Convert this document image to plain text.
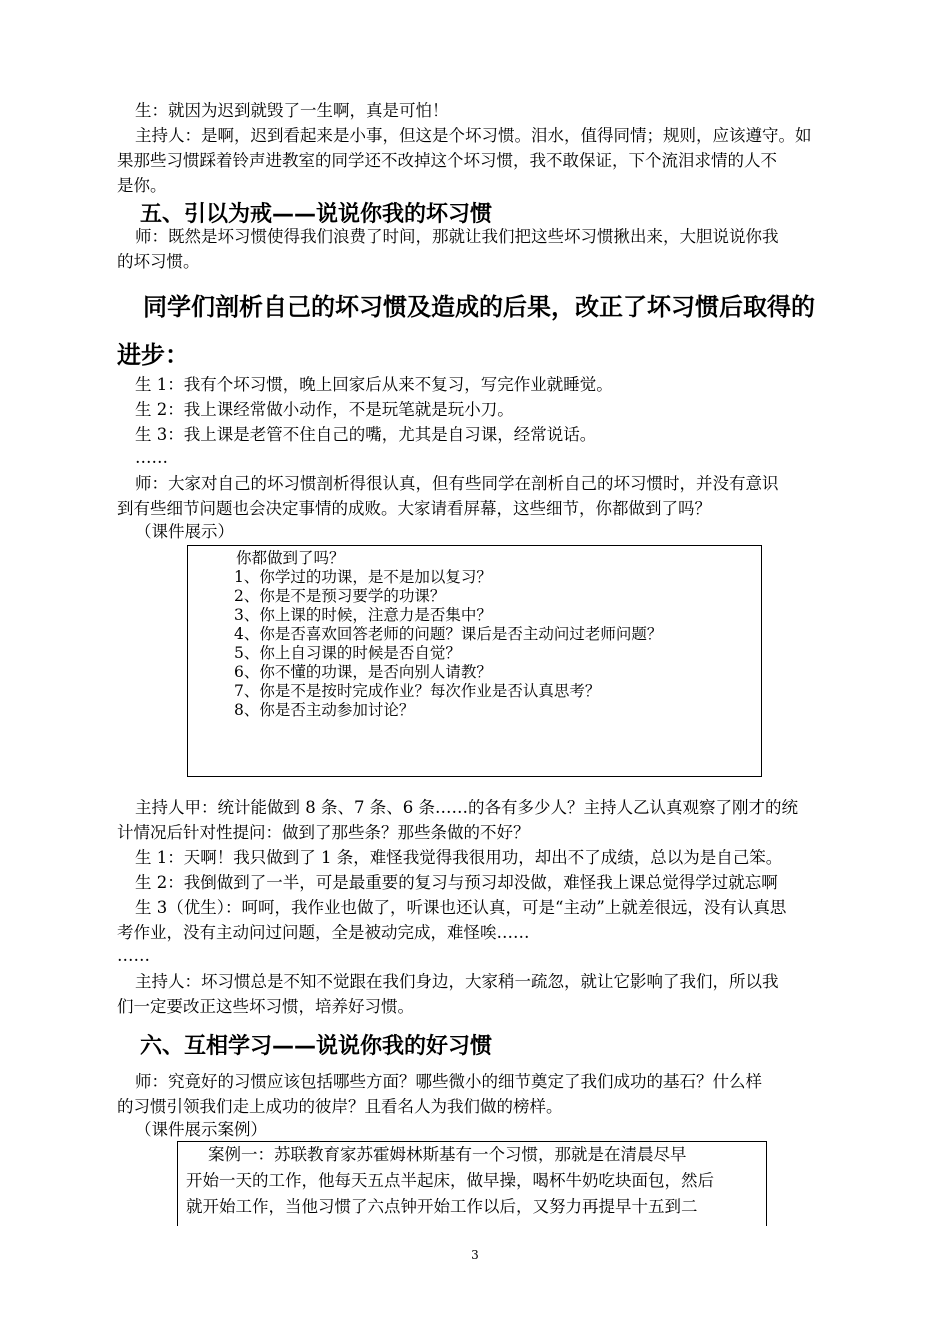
生：就因为迟到就毁了一生啊，真是可怕！
主持人：是啊，迟到看起来是小事，但这是个坏习惯。泪水，值得同情；规则，应该遵守。如
果那些习惯踩着铃声进教室的同学还不改掉这个坏习惯，我不敢保证，下个流泪求情的人不
是你。
五、引以为戒——说说你我的坏习惯
师：既然是坏习惯使得我们浪费了时间，那就让我们把这些坏习惯揪出来，大胆说说你我
的坏习惯。
同学们剖析自己的坏习惯及造成的后果，改正了坏习惯后取得的
进步：
生 1：我有个坏习惯，晚上回家后从来不复习，写完作业就睡觉。
生 2：我上课经常做小动作，不是玩笔就是玩小刀。
生 3：我上课是老管不住自己的嘴，尤其是自习课，经常说话。
……
师：大家对自己的坏习惯剖析得很认真，但有些同学在剖析自己的坏习惯时，并没有意识
到有些细节问题也会决定事情的成败。大家请看屏幕，这些细节，你都做到了吗？
（课件展示）
你都做到了吗？
1、你学过的功课，是不是加以复习？
2、你是不是预习要学的功课？
3、你上课的时候，注意力是否集中？
4、你是否喜欢回答老师的问题？课后是否主动问过老师问题？
5、你上自习课的时候是否自觉？
6、你不懂的功课，是否向别人请教？
7、你是不是按时完成作业？每次作业是否认真思考？
8、你是否主动参加讨论？
主持人甲：统计能做到 8 条、7 条、6 条……的各有多少人？主持人乙认真观察了刚才的统
计情况后针对性提问：做到了那些条？那些条做的不好？
生 1：天啊！我只做到了 1 条，难怪我觉得我很用功，却出不了成绩，总以为是自己笨。
生 2：我倒做到了一半，可是最重要的复习与预习却没做，难怪我上课总觉得学过就忘啊
生 3（优生）：呵呵，我作业也做了，听课也还认真，可是“主动”上就差很远，没有认真思
考作业，没有主动问过问题，全是被动完成，难怪唉……
……
主持人：坏习惯总是不知不觉跟在我们身边，大家稍一疏忽，就让它影响了我们，所以我
们一定要改正这些坏习惯，培养好习惯。
六、互相学习——说说你我的好习惯
师：究竟好的习惯应该包括哪些方面？哪些微小的细节奠定了我们成功的基石？什么样
的习惯引领我们走上成功的彼岸？且看名人为我们做的榜样。
（课件展示案例）
案例一：苏联教育家苏霍姆林斯基有一个习惯，那就是在清晨尽早
开始一天的工作，他每天五点半起床，做早操，喝杯牛奶吃块面包，然后
就开始工作，当他习惯了六点钟开始工作以后，又努力再提早十五到二
3
